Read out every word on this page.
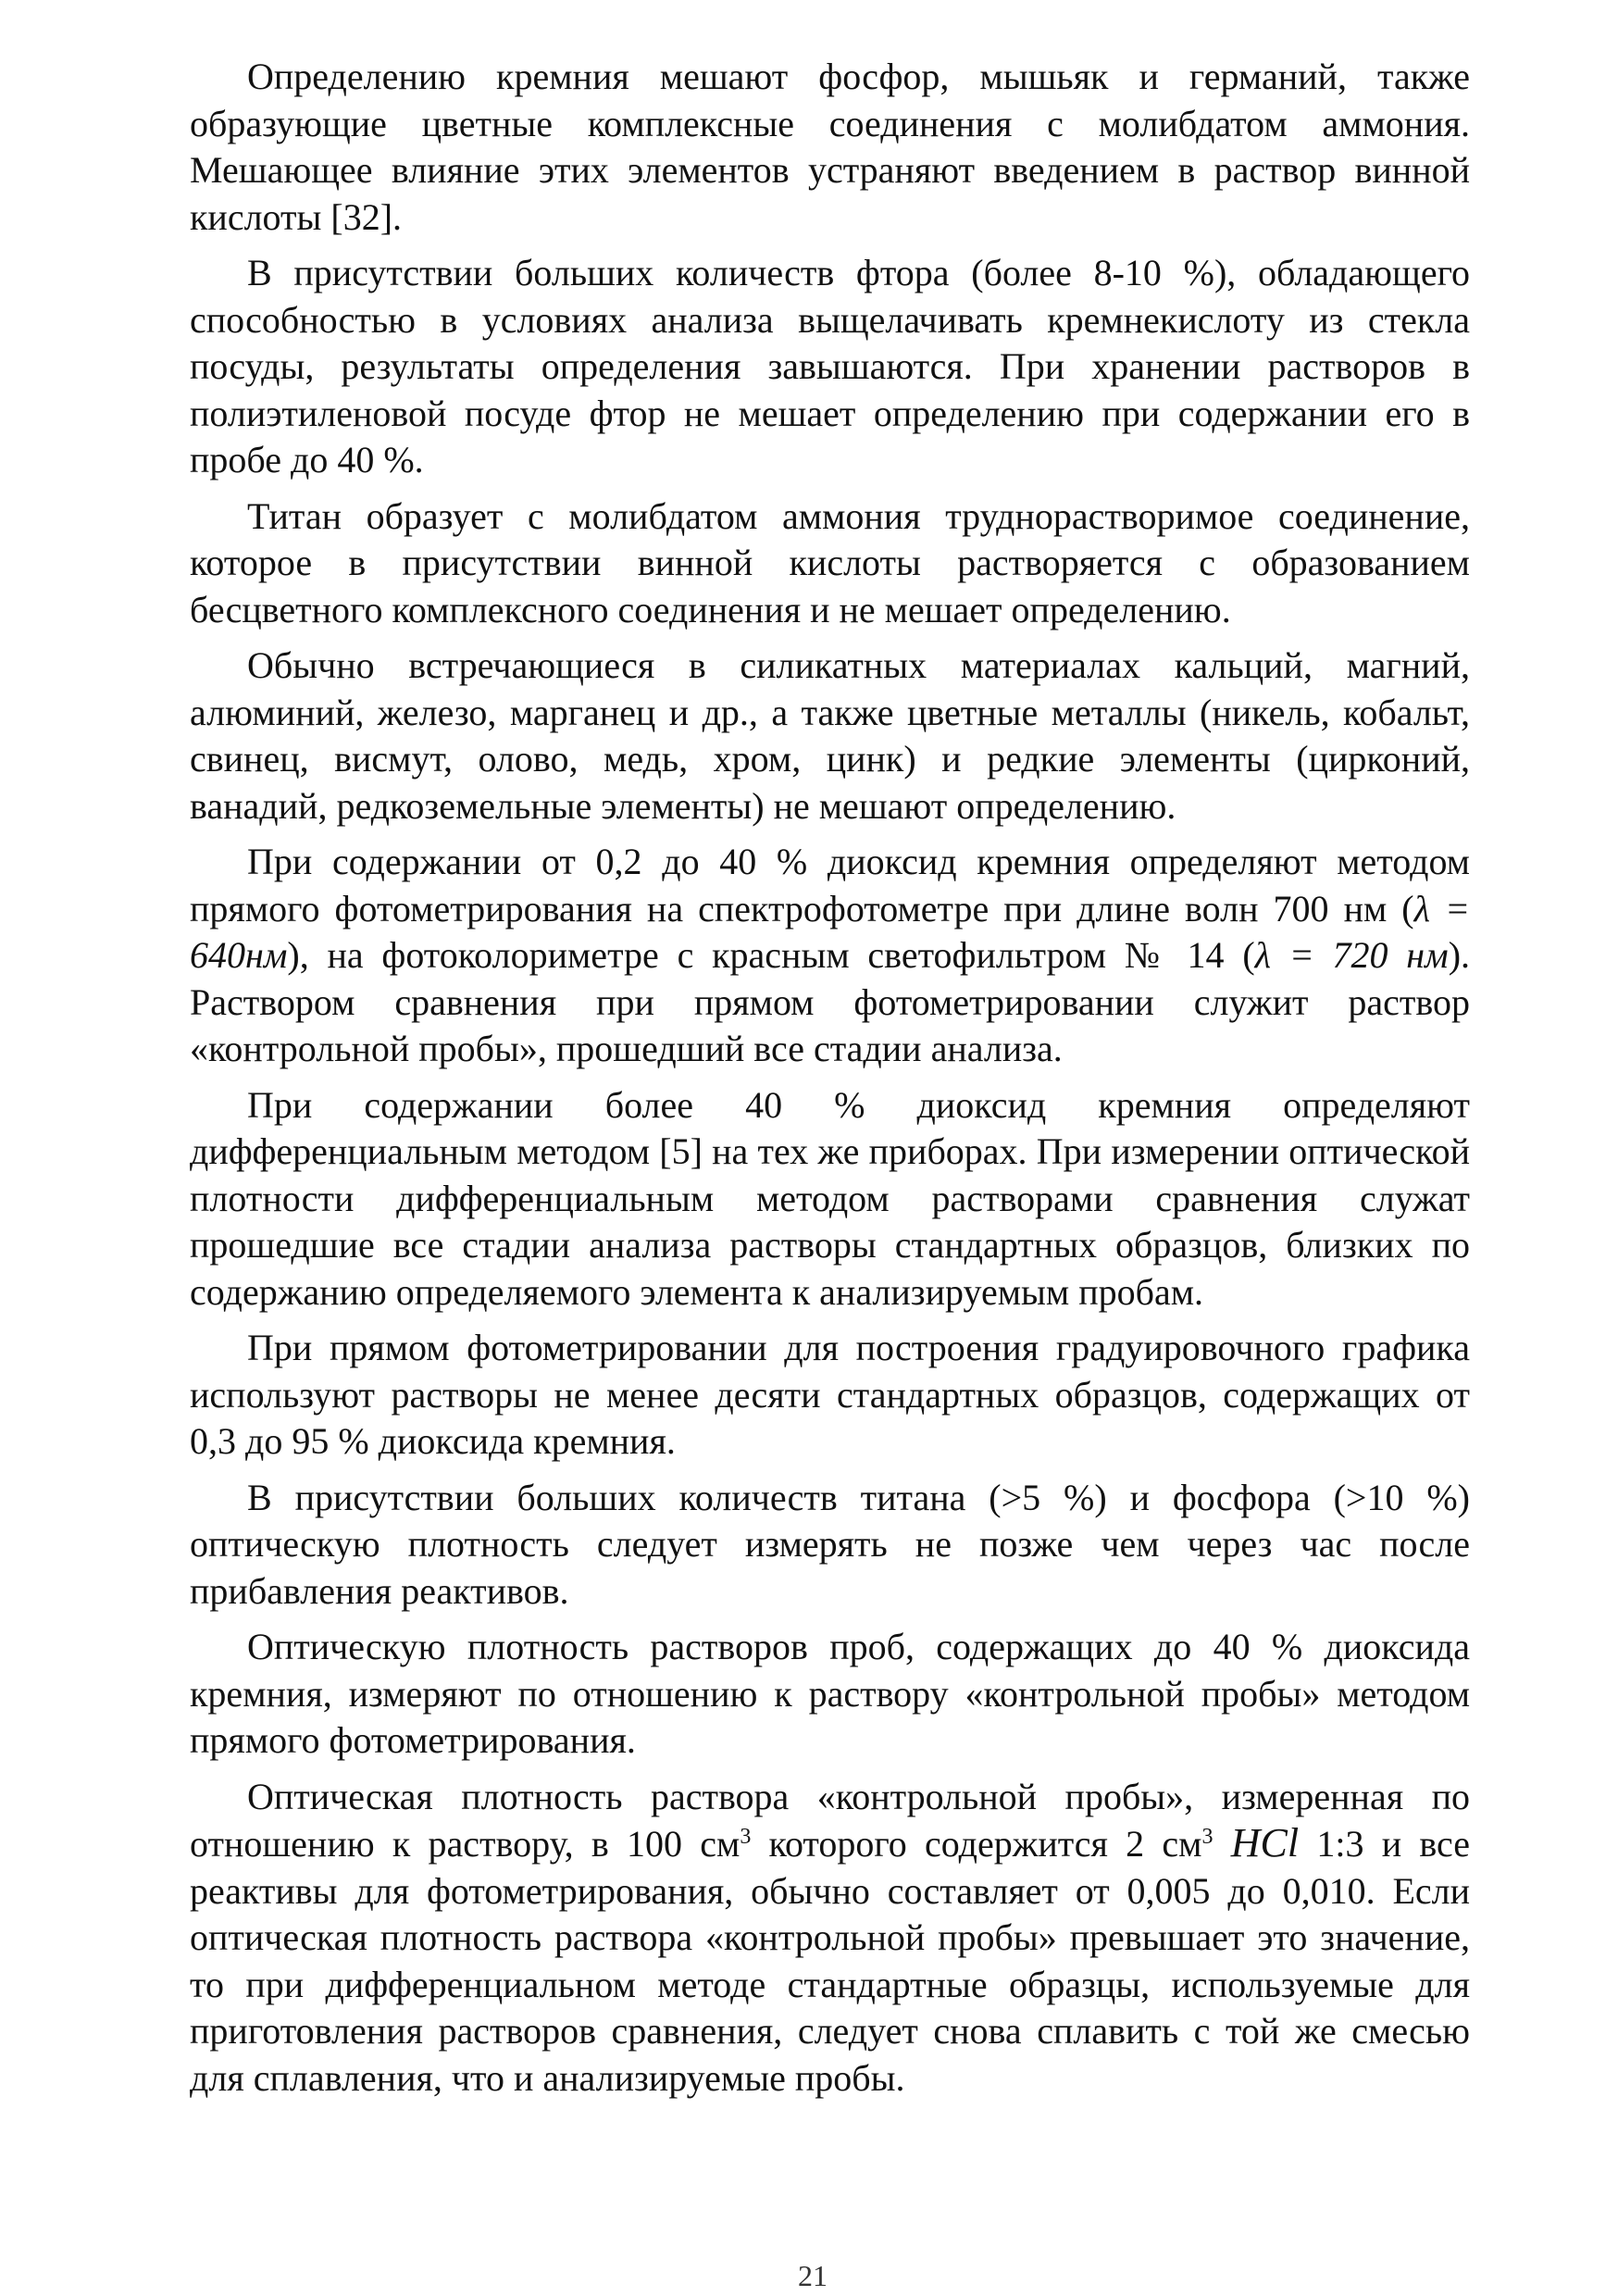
Определению кремния мешают фосфор, мышьяк и германий, также образующие цветные комплексные соединения с молибдатом аммония. Мешающее влияние этих элементов устраняют введением в раствор винной кислоты [32].

В присутствии больших количеств фтора (более 8-10 %), обладающего способностью в условиях анализа выщелачивать кремнекислоту из стекла посуды, результаты определения завышаются. При хранении растворов в полиэтиленовой посуде фтор не мешает определению при содержании его в пробе до 40 %.

Титан образует с молибдатом аммония труднорастворимое соединение, которое в присутствии винной кислоты растворяется с образованием бесцветного комплексного соединения и не мешает определению.

Обычно встречающиеся в силикатных материалах кальций, магний, алюминий, железо, марганец и др., а также цветные металлы (никель, кобальт, свинец, висмут, олово, медь, хром, цинк) и редкие элементы (цирконий, ванадий, редкоземельные элементы) не мешают определению.

При содержании от 0,2 до 40 % диоксид кремния определяют методом прямого фотометрирования на спектрофотометре при длине волн 700 нм (λ = 640нм), на фотоколориметре с красным светофильтром № 14 (λ = 720 нм). Раствором сравнения при прямом фотометрировании служит раствор «контрольной пробы», прошедший все стадии анализа.

При содержании более 40 % диоксид кремния определяют дифференциальным методом [5] на тех же приборах. При измерении оптической плотности дифференциальным методом растворами сравнения служат прошедшие все стадии анализа растворы стандартных образцов, близких по содержанию определяемого элемента к анализируемым пробам.

При прямом фотометрировании для построения градуировочного графика используют растворы не менее десяти стандартных образцов, содержащих от 0,3 до 95 % диоксида кремния.

В присутствии больших количеств титана (>5 %) и фосфора (>10 %) оптическую плотность следует измерять не позже чем через час после прибавления реактивов.

Оптическую плотность растворов проб, содержащих до 40 % диоксида кремния, измеряют по отношению к раствору «контрольной пробы» методом прямого фотометрирования.

Оптическая плотность раствора «контрольной пробы», измеренная по отношению к раствору, в 100 $см^3$ которого содержится 2 $см^3$ HCl 1:3 и все реактивы для фотометрирования, обычно составляет от 0,005 до 0,010. Если оптическая плотность раствора «контрольной пробы» превышает это значение, то при дифференциальном методе стандартные образцы, используемые для приготовления растворов сравнения, следует снова сплавить с той же смесью для сплавления, что и анализируемые пробы.

21
